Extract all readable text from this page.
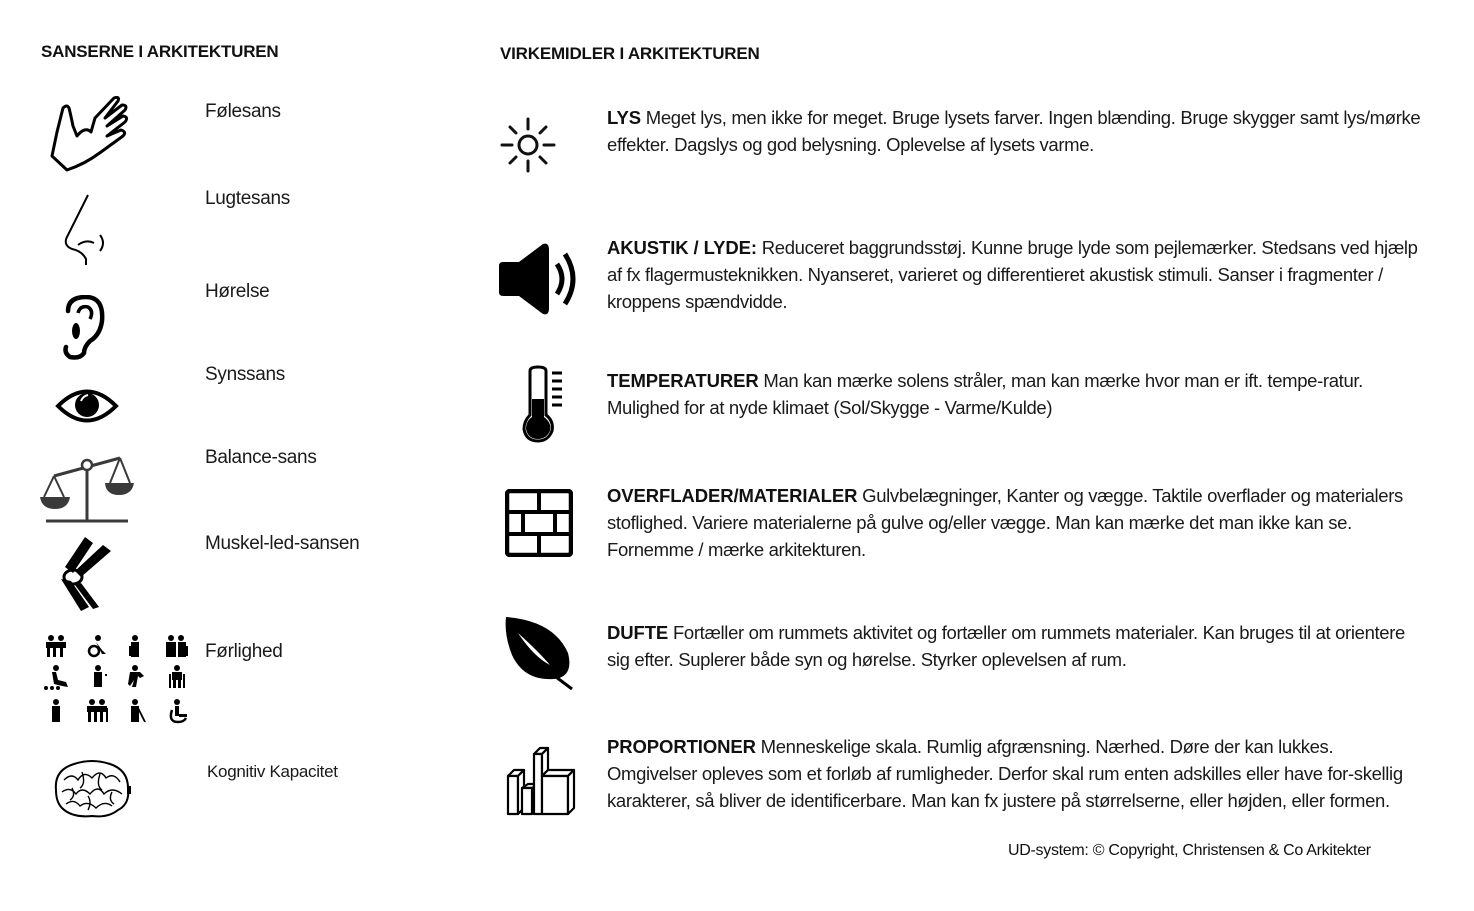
SANSERNE I ARKITEKTUREN
Følesans
Lugtesans
Hørelse
Synssans
Balance-sans
Muskel-led-sansen
Førlighed
Kognitiv Kapacitet
VIRKEMIDLER I ARKITEKTUREN
LYS Meget lys, men ikke for meget. Bruge lysets farver. Ingen blænding. Bruge skygger samt lys/mørke effekter. Dagslys og god belysning. Oplevelse af lysets varme.
AKUSTIK / LYDE: Reduceret baggrundsstøj. Kunne bruge lyde som pejlemærker. Stedsans ved hjælp af fx flagermusteknikken. Nyanseret, varieret og differentieret akustisk stimuli. Sanser i fragmenter / kroppens spændvidde.
TEMPERATURER Man kan mærke solens stråler, man kan mærke hvor man er ift. tempe-ratur. Mulighed for at nyde klimaet (Sol/Skygge - Varme/Kulde)
OVERFLADER/MATERIALER Gulvbelægninger, Kanter og vægge. Taktile overflader og materialers stoflighed. Variere materialerne på gulve og/eller vægge. Man kan mærke det man ikke kan se. Fornemme / mærke arkitekturen.
DUFTE Fortæller om rummets aktivitet og fortæller om rummets materialer. Kan bruges til at orientere sig efter. Suplerer både syn og hørelse. Styrker oplevelsen af rum.
PROPORTIONER Menneskelige skala. Rumlig afgrænsning. Nærhed. Døre der kan lukkes. Omgivelser opleves som et forløb af rumligheder. Derfor skal rum enten adskilles eller have for-skellig karakterer, så bliver de identificerbare. Man kan fx justere på størrelserne, eller højden, eller formen.
UD-system: © Copyright, Christensen & Co Arkitekter
